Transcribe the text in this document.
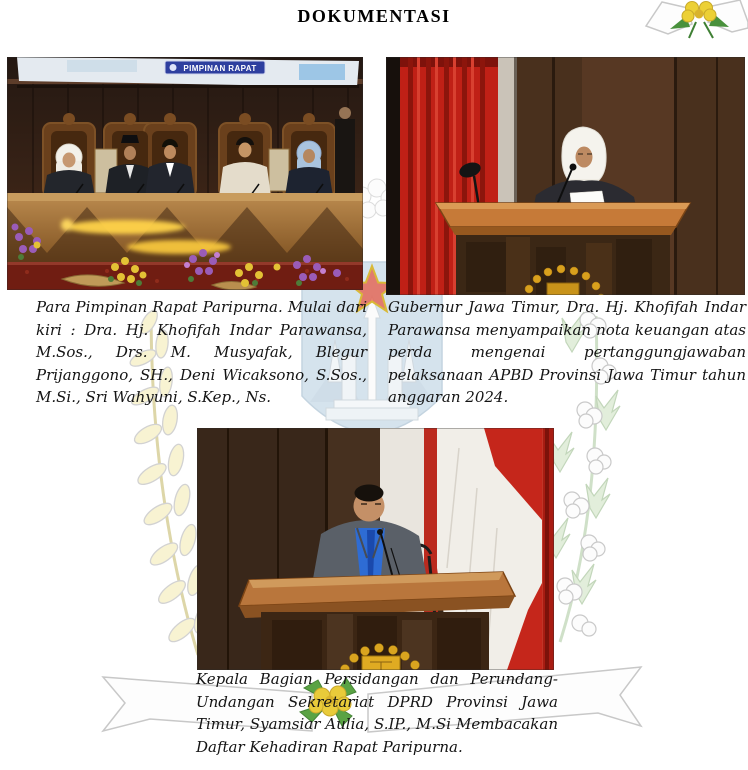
DOKUMENTASI
PIMPINAN RAPAT
Para Pimpinan Rapat Paripurna. Mulai dari kiri : Dra. Hj. Khofifah Indar Parawansa, M.Sos., Drs. M. Musyafak, Blegur Prijanggono, SH., Deni Wicaksono, S.Sos., M.Si., Sri Wahyuni, S.Kep., Ns.
Gubernur Jawa Timur, Dra. Hj. Khofifah Indar Parawansa menyampaikan nota keuangan atas perda mengenai pertanggungjawaban pelaksanaan APBD Provinsi Jawa Timur tahun anggaran 2024.
Kepala Bagian Persidangan dan Perundang-Undangan Sekretariat DPRD Provinsi Jawa Timur, Syamsiar Aulia, S.IP., M.Si Membacakan Daftar Kehadiran Rapat Paripurna.
